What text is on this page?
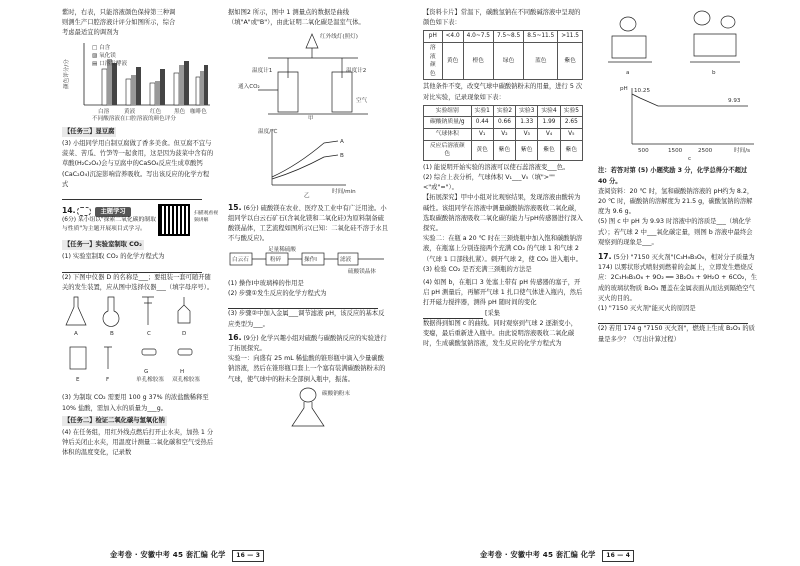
紫时，右表，只能溶液颜色保持第三种调

则测生产口腔溶液计评分如图所示，综合

考虑最适宜的调剂为

□ 白含
▨ 氧化镁
▤ 口溶发酵液
颜色评分/分
白溶	黄液	红色 黑色 咖啡色
不同酸溶液在口腔溶液的颜色评分
【任务三】显豆腐

(3) 小组同学用自制豆腐做了香多美食。但豆腐不宜与菠菜、苦瓜、竹笋等一起食用，这是因为菠菜中含有的草酸(H₂C₂O₄)会与豆腐中的CaSO₄反应生成草酸钙(CaC₂O₄)沉淀影响营养吸收。写出该反应的化学方程式

14.	主题学习	扫描观看视频讲解

(6分) 某小组以"探索二氧化碳的制取与性质"为主题开展项目式学习。

【任务一】实验室制取 CO₂

(1) 实验室制取 CO₂ 的化学方程式为

(2) 下图中仪器 D 的名称是___；要组装一套可随开随关的发生装置，应从图中选择仪器___（填字母序号）。

A	B	C	D
E	F
G	H
单孔橡胶塞 双孔橡胶塞

(3) 为制取 CO₂ 需要用 100 g 37% 的浓盐酸稀释至 10% 盐酸，需加入水的质量为___g。

【任务二】检证二氧化碳与氢氧化钠

(4) 在任务组，用红外线点燃后打开止水夹，加热 1 分钟后关闭止水夹，用温度计测量二氧化碳和空气受热后体积的温度变化，记录数

据如图2 所示，图中 1 测量点的数据是曲线

（填"A"或"B"），由此证明二氧化碳是温室气体。

红外线灯(照灯)
温度计1	温度计2
通入CO₂
空气
甲

温度/℃
时间/min
A
B
乙

15. (6分) 硫酸镁在农业、医疗及工业中有广泛用途。小组同学以白云石矿石(含氧化镁和二氧化硅)为原料制备硫酸镁晶体，工艺流程如图所示(已知：二氧化硅不溶于水且不与酸反应)。

白云石	粉碎
足量稀硫酸
操作I	滤液
硫酸镁晶体

(1) 操作I中玻璃棒的作用是

(2) 步骤①发生反应的化学方程式为

(3) 步骤②中加入金属___调节滤液 pH，该反应的基本反应类型为___。

16. (9分) 化学兴趣小组对硫酸与碳酸钠反应的实验进行了拓展探究。

实验一：向盛有 25 mL 稀盐酸的锥形瓶中滴入少量碳酸钠溶液，然后在锥形瓶口套上一个塞有装满碳酸钠粉末的气球，使气球中的粉末全部倒入瓶中，振荡。

碳酸钠粉末

【资料卡片】常温下，碳酸氢钠在不同酸碱溶液中呈现的颜色如下表：

pH	<4.0	4.0~7.5	7.5~8.5	8.5~11.5	>11.5
溶液颜色	黄色	橙色	绿色	蓝色	紫色

其他条件不变，改变气球中碳酸钠粉末的用量，进行 5 次对比实验，记录现象如下表：

实验组别	实验1	实验2	实验3	实验4	实验5
碳酸钠质量/g	0.44	0.66	1.33	1.99	2.65
气球体积	V₁	V₂	V₃	V₄	V₅
反应后溶液颜色	黄色	紫色	紫色	紫色	紫色

(1) 能说明开始实验的溶液可以使石蕊溶液变___色。

(2) 综合上表分析，气球体积 V₁___V₅（填">""<"或"="）。

【拓展深究】甲中小组对比观察结果，发现溶液由酸转为碱性。该组同学在溶液中测量碳酸钠溶液吸收二氧化碳，选取碳酸钠溶液吸收二氧化碳的能力与pH传感器进行深入探究。

实验二：在瓶 a 20 ℃ 时在三颈烧瓶中加入饱和碳酸钠溶液，在瓶塞上分别连接两个充满 CO₂ 的气球 1 和气球 2（气球 1 口部线扎紧）。刺开气球 2，使 CO₂ 进入瓶中。

(3) 检验 CO₂ 是否充满三颈瓶的方法是

(4) 如图 b，在瓶口 3 处塞上带有 pH 传感器的塞子，开启 pH 测量后，再解开气球 1 扎口使气体进入瓶内，然后打开磁力搅拌器，测得 pH 随时间的变化

[采集

数据得到如图 c 的曲线。同时观察到气球 2 逐渐变小，变瘪，最后重新进入瓶中。由此说明溶液吸收二氧化碳时，生成碳酸氢钠溶液，发生反应的化学方程式为

a	b

pH 10.25
9.93
500	1500	2500	时间/s
c

注：若答对第 (5) 小题奖励 3 分，化学总得分不超过 40 分。

查阅资料：20 ℃ 时，氢和碳酸钠溶液的 pH约为 8.2，20 ℃ 时，碳酸钠的溶解度为 21.5 g，碳酸氢钠的溶解度为 9.6 g。

(5) 图 c 中 pH 为 9.93 时溶液中的溶质是___（填化学式）；若气球 2 中___氧化碳定量，则图 b 溶液中最终会观察到的现象是___。

17. (5分) "7150 灭火剂"(C₃H₉B₃O₆，相对分子质量为 174) 以雾状形式喷射到燃着的金属上，立即发生燃烧反应：2C₃H₉B₃O₆ + 9O₂ ══ 3B₂O₃ + 9H₂O + 6CO₂，生成的玻璃状物质 B₂O₃ 覆盖在金属表面从而达到隔绝空气灭火的目的。

(1) "7150 灭火剂"能灭火的原因是

(2) 若用 174 g "7150 灭火剂"，燃烧上生成 B₂O₃ 的质量是多少？（写出计算过程）

金考卷 · 安徽中考 45 套汇编 化学 16 — 3	金考卷 · 安徽中考 45 套汇编 化学 16 — 4
